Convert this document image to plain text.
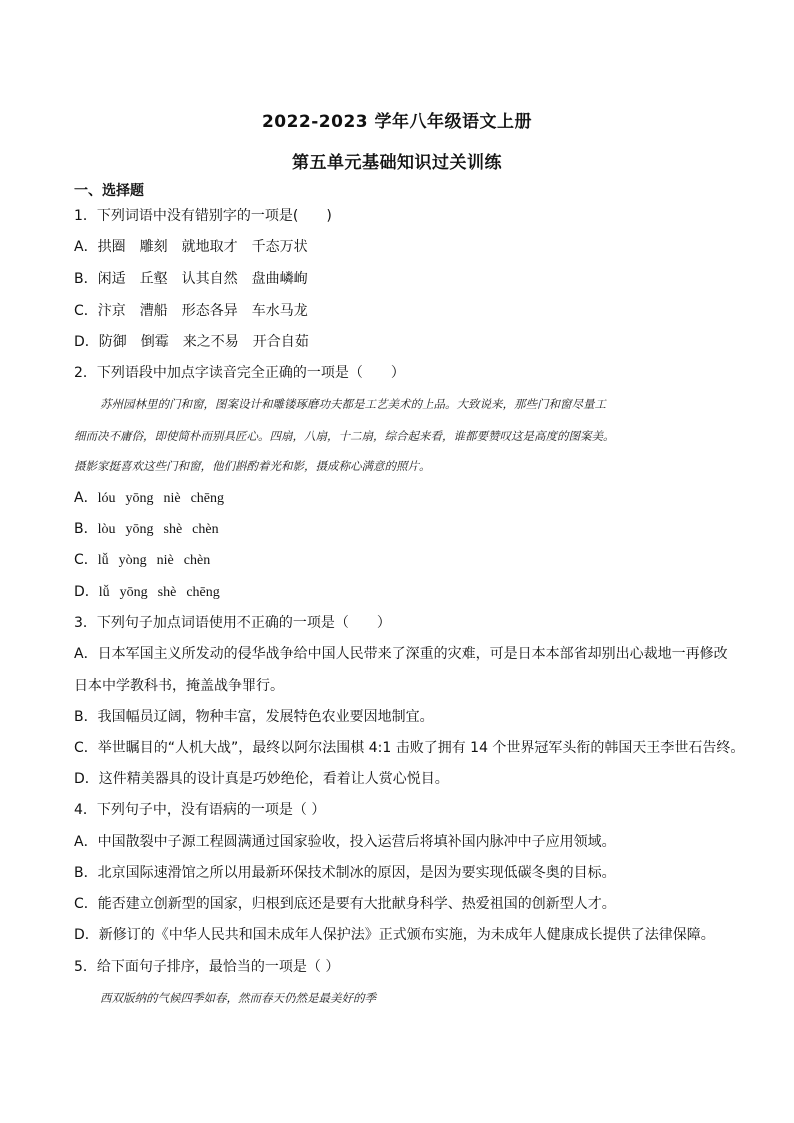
2022-2023 学年八年级语文上册
第五单元基础知识过关训练
一、选择题
1．下列词语中没有错别字的一项是(　　)
A．拱圈　雕刻　就地取才　千态万状
B．闲适　丘壑　认其自然　盘曲嶙峋
C．汴京　漕船　形态各异　车水马龙
D．防御　倒霉　来之不易　开合自茹
2．下列语段中加点字读音完全正确的一项是（　　）
苏州园林里的门和窗，图案设计和雕镂琢磨功夫都是工艺美术的上品。大致说来，那些门和窗尽量工
细而决不庸俗，即使简朴而别具匠心。四扇，八扇，十二扇，综合起来看，谁都要赞叹这是高度的图案美。
摄影家挺喜欢这些门和窗，他们斟酌着光和影，摄成称心满意的照片。
A．lóu yōng niè chēng
B．lòu yōng shè chèn
C．lǚ yòng niè chèn
D．lǚ yōng shè chēng
3．下列句子加点词语使用不正确的一项是（　　）
A．日本军国主义所发动的侵华战争给中国人民带来了深重的灾难，可是日本本部省却别出心裁地一再修改
日本中学教科书，掩盖战争罪行。
B．我国幅员辽阔，物种丰富，发展特色农业要因地制宜。
C．举世瞩目的“人机大战”，最终以阿尔法围棋 4:1 击败了拥有 14 个世界冠军头衔的韩国天王李世石告终。
D．这件精美器具的设计真是巧妙绝伦，看着让人赏心悦目。
4．下列句子中，没有语病的一项是（ ）
A．中国散裂中子源工程圆满通过国家验收，投入运营后将填补国内脉冲中子应用领域。
B．北京国际速滑馆之所以用最新环保技术制冰的原因，是因为要实现低碳冬奥的目标。
C．能否建立创新型的国家，归根到底还是要有大批献身科学、热爱祖国的创新型人才。
D．新修订的《中华人民共和国未成年人保护法》正式颁布实施，为未成年人健康成长提供了法律保障。
5．给下面句子排序，最恰当的一项是（ ）
西双版纳的气候四季如春，然而春天仍然是最美好的季
